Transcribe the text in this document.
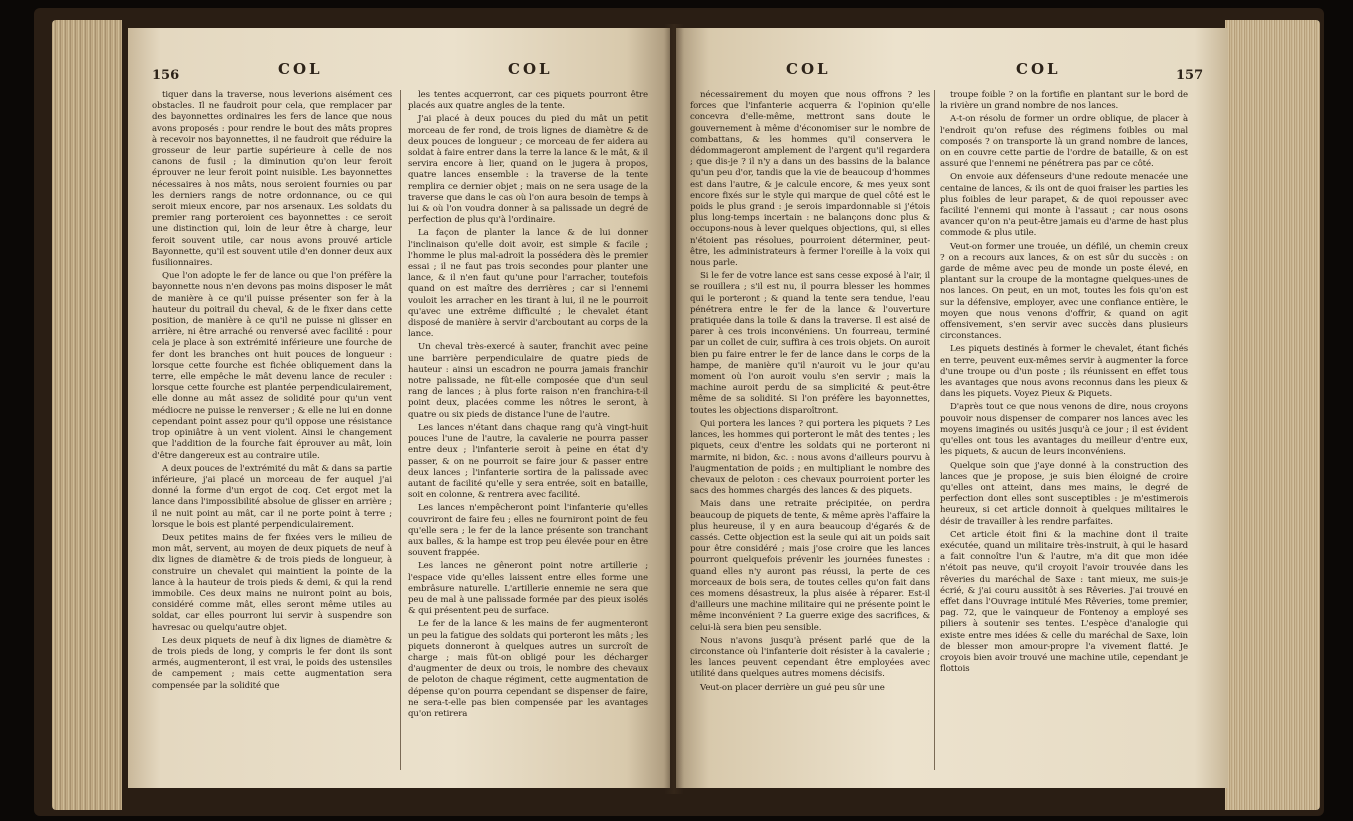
156	COL	COL

tiquer dans la traverse, nous leverions aisément ces obstacles. Il ne faudroit pour cela, que remplacer par des bayonnettes ordinaires les fers de lance que nous avons proposés : pour rendre le bout des mâts propres à recevoir nos bayonnettes, il ne faudroit que réduire la grosseur de leur partie supérieure à celle de nos canons de fusil ; la diminution qu'on leur feroit éprouver ne leur feroit point nuisible. Les bayonnettes nécessaires à nos mâts, nous seroient fournies ou par les derniers rangs de notre ordonnance, ou ce qui seroit mieux encore, par nos arsenaux. Les soldats du premier rang porteroient ces bayonnettes : ce seroit une distinction qui, loin de leur être à charge, leur feroit souvent utile, car nous avons prouvé article Bayonnette, qu'il est souvent utile d'en donner deux aux fusilionnaires.

Que l'on adopte le fer de lance ou que l'on préfère la bayonnette nous n'en devons pas moins disposer le mât de manière à ce qu'il puisse présenter son fer à la hauteur du poitrail du cheval, & de le fixer dans cette position, de manière à ce qu'il ne puisse ni glisser en arrière, ni être arraché ou renversé avec facilité : pour cela je place à son extrémité inférieure une fourche de fer dont les branches ont huit pouces de longueur : lorsque cette fourche est fichée obliquement dans la terre, elle empêche le mât devenu lance de reculer : lorsque cette fourche est plantée perpendiculairement, elle donne au mât assez de solidité pour qu'un vent médiocre ne puisse le renverser ; & elle ne lui en donne cependant point assez pour qu'il oppose une résistance trop opiniâtre à un vent violent. Ainsi le changement que l'addition de la fourche fait éprouver au mât, loin d'être dangereux est au contraire utile.

A deux pouces de l'extrémité du mât & dans sa partie inférieure, j'ai placé un morceau de fer auquel j'ai donné la forme d'un ergot de coq. Cet ergot met la lance dans l'impossibilité absolue de glisser en arrière ; il ne nuit point au mât, car il ne porte point à terre ; lorsque le bois est planté perpendiculairement.

Deux petites mains de fer fixées vers le milieu de mon mât, servent, au moyen de deux piquets de neuf à dix lignes de diamètre & de trois pieds de longueur, à construire un chevalet qui maintient la pointe de la lance à la hauteur de trois pieds & demi, & qui la rend immobile. Ces deux mains ne nuiront point au bois, considéré comme mât, elles seront même utiles au soldat, car elles pourront lui servir à suspendre son havresac ou quelqu'autre objet.

Les deux piquets de neuf à dix lignes de diamètre & de trois pieds de long, y compris le fer dont ils sont armés, augmenteront, il est vrai, le poids des ustensiles de campement ; mais cette augmentation sera compensée par la solidité que

les tentes acquerront, car ces piquets pourront être placés aux quatre angles de la tente.

J'ai placé à deux pouces du pied du mât un petit morceau de fer rond, de trois lignes de diamètre & de deux pouces de longueur ; ce morceau de fer aidera au soldat à faire entrer dans la terre la lance & le mât, & il servira encore à lier, quand on le jugera à propos, quatre lances ensemble : la traverse de la tente remplira ce dernier objet ; mais on ne sera usage de la traverse que dans le cas où l'on aura besoin de temps à lui & où l'on voudra donner à sa palissade un degré de perfection de plus qu'à l'ordinaire.

La façon de planter la lance & de lui donner l'inclinaison qu'elle doit avoir, est simple & facile ; l'homme le plus mal-adroit la possédera dès le premier essai ; il ne faut pas trois secondes pour planter une lance, & il n'en faut qu'une pour l'arracher, toutefois quand on est maître des derrières ; car si l'ennemi vouloit les arracher en les tirant à lui, il ne le pourroit qu'avec une extrême difficulté ; le chevalet étant disposé de manière à servir d'arcboutant au corps de la lance.

Un cheval très-exercé à sauter, franchit avec peine une barrière perpendiculaire de quatre pieds de hauteur : ainsi un escadron ne pourra jamais franchir notre palissade, ne fût-elle composée que d'un seul rang de lances ; à plus forte raison n'en franchira-t-il point deux, placées comme les nôtres le seront, à quatre ou six pieds de distance l'une de l'autre.

Les lances n'étant dans chaque rang qu'à vingt-huit pouces l'une de l'autre, la cavalerie ne pourra passer entre deux ; l'infanterie seroit à peine en état d'y passer, & on ne pourroit se faire jour & passer entre deux lances ; l'infanterie sortira de la palissade avec autant de facilité qu'elle y sera entrée, soit en bataille, soit en colonne, & rentrera avec facilité.

Les lances n'empêcheront point l'infanterie qu'elles couvriront de faire feu ; elles ne fourniront point de feu qu'elle sera ; le fer de la lance présente son tranchant aux balles, & la hampe est trop peu élevée pour en être souvent frappée.

Les lances ne gêneront point notre artillerie ; l'espace vide qu'elles laissent entre elles forme une embrâsure naturelle. L'artillerie ennemie ne sera que peu de mal à une palissade formée par des pieux isolés & qui présentent peu de surface.

Le fer de la lance & les mains de fer augmenteront un peu la fatigue des soldats qui porteront les mâts ; les piquets donneront à quelques autres un surcroît de charge ; mais fût-on obligé pour les décharger d'augmenter de deux ou trois, le nombre des chevaux de peloton de chaque régiment, cette augmentation de dépense qu'on pourra cependant se dispenser de faire, ne sera-t-elle pas bien compensée par les avantages qu'on retirera

COL	COL	157

nécessairement du moyen que nous offrons ? les forces que l'infanterie acquerra & l'opinion qu'elle concevra d'elle-même, mettront sans doute le gouvernement à même d'économiser sur le nombre de combattans, & les hommes qu'il conservera le dédommageront amplement de l'argent qu'il regardera ; que dis-je ? il n'y a dans un des bassins de la balance qu'un peu d'or, tandis que la vie de beaucoup d'hommes est dans l'autre, & je calcule encore, & mes yeux sont encore fixés sur le style qui marque de quel côté est le poids le plus grand : je serois impardonnable si j'étois plus long-temps incertain : ne balançons donc plus & occupons-nous à lever quelques objections, qui, si elles n'étoient pas résolues, pourroient déterminer, peut-être, les administrateurs à fermer l'oreille à la voix qui nous parle.

Si le fer de votre lance est sans cesse exposé à l'air, il se rouillera ; s'il est nu, il pourra blesser les hommes qui le porteront ; & quand la tente sera tendue, l'eau pénétrera entre le fer de la lance & l'ouverture pratiquée dans la toile & dans la traverse. Il est aisé de parer à ces trois inconvéniens. Un fourreau, terminé par un collet de cuir, suffira à ces trois objets. On auroit bien pu faire entrer le fer de lance dans le corps de la hampe, de manière qu'il n'auroit vu le jour qu'au moment où l'on auroit voulu s'en servir ; mais la machine auroit perdu de sa simplicité & peut-être même de sa solidité. Si l'on préfère les bayonnettes, toutes les objections disparoîtront.

Qui portera les lances ? qui portera les piquets ? Les lances, les hommes qui porteront le mât des tentes ; les piquets, ceux d'entre les soldats qui ne porteront ni marmite, ni bidon, &c. : nous avons d'ailleurs pourvu à l'augmentation de poids ; en multipliant le nombre des chevaux de peloton : ces chevaux pourroient porter les sacs des hommes chargés des lances & des piquets.

Mais dans une retraite précipitée, on perdra beaucoup de piquets de tente, & même après l'affaire la plus heureuse, il y en aura beaucoup d'égarés & de cassés. Cette objection est la seule qui ait un poids sait pour être considéré ; mais j'ose croire que les lances pourront quelquefois prévenir les journées funestes : quand elles n'y auront pas réussi, la perte de ces morceaux de bois sera, de toutes celles qu'on fait dans ces momens désastreux, la plus aisée à réparer. Est-il d'ailleurs une machine militaire qui ne présente point le même inconvénient ? La guerre exige des sacrifices, & celui-là sera bien peu sensible.

Nous n'avons jusqu'à présent parlé que de la circonstance où l'infanterie doit résister à la cavalerie ; les lances peuvent cependant être employées avec utilité dans quelques autres momens décisifs.

Veut-on placer derrière un gué peu sûr une

troupe foible ? on la fortifie en plantant sur le bord de la rivière un grand nombre de nos lances.

A-t-on résolu de former un ordre oblique, de placer à l'endroit qu'on refuse des régimens foibles ou mal composés ? on transporte là un grand nombre de lances, on en couvre cette partie de l'ordre de bataille, & on est assuré que l'ennemi ne pénétrera pas par ce côté.

On envoie aux défenseurs d'une redoute menacée une centaine de lances, & ils ont de quoi fraiser les parties les plus foibles de leur parapet, & de quoi repousser avec facilité l'ennemi qui monte à l'assaut ; car nous osons avancer qu'on n'a peut-être jamais eu d'arme de hast plus commode & plus utile.

Veut-on former une trouée, un défilé, un chemin creux ? on a recours aux lances, & on est sûr du succès : on garde de même avec peu de monde un poste élevé, en plantant sur la croupe de la montagne quelques-unes de nos lances. On peut, en un mot, toutes les fois qu'on est sur la défensive, employer, avec une confiance entière, le moyen que nous venons d'offrir, & quand on agit offensivement, s'en servir avec succès dans plusieurs circonstances.

Les piquets destinés à former le chevalet, étant fichés en terre, peuvent eux-mêmes servir à augmenter la force d'une troupe ou d'un poste ; ils réunissent en effet tous les avantages que nous avons reconnus dans les pieux & dans les piquets. Voyez Pieux & Piquets.

D'après tout ce que nous venons de dire, nous croyons pouvoir nous dispenser de comparer nos lances avec les moyens imaginés ou usités jusqu'à ce jour ; il est évident qu'elles ont tous les avantages du meilleur d'entre eux, les piquets, & aucun de leurs inconvéniens.

Quelque soin que j'aye donné à la construction des lances que je propose, je suis bien éloigné de croire qu'elles ont atteint, dans mes mains, le degré de perfection dont elles sont susceptibles : je m'estimerois heureux, si cet article donnoit à quelques militaires le désir de travailler à les rendre parfaites.

Cet article étoit fini & la machine dont il traite exécutée, quand un militaire très-instruit, à qui le hasard a fait connoître l'un & l'autre, m'a dit que mon idée n'étoit pas neuve, qu'il croyoit l'avoir trouvée dans les rêveries du maréchal de Saxe : tant mieux, me suis-je écrié, & j'ai couru aussitôt à ses Rêveries. J'ai trouvé en effet dans l'Ouvrage intitulé Mes Rêveries, tome premier, pag. 72, que le vainqueur de Fontenoy a employé ses piliers à soutenir ses tentes. L'espèce d'analogie qui existe entre mes idées & celle du maréchal de Saxe, loin de blesser mon amour-propre l'a vivement flatté. Je croyois bien avoir trouvé une machine utile, cependant je flottois
